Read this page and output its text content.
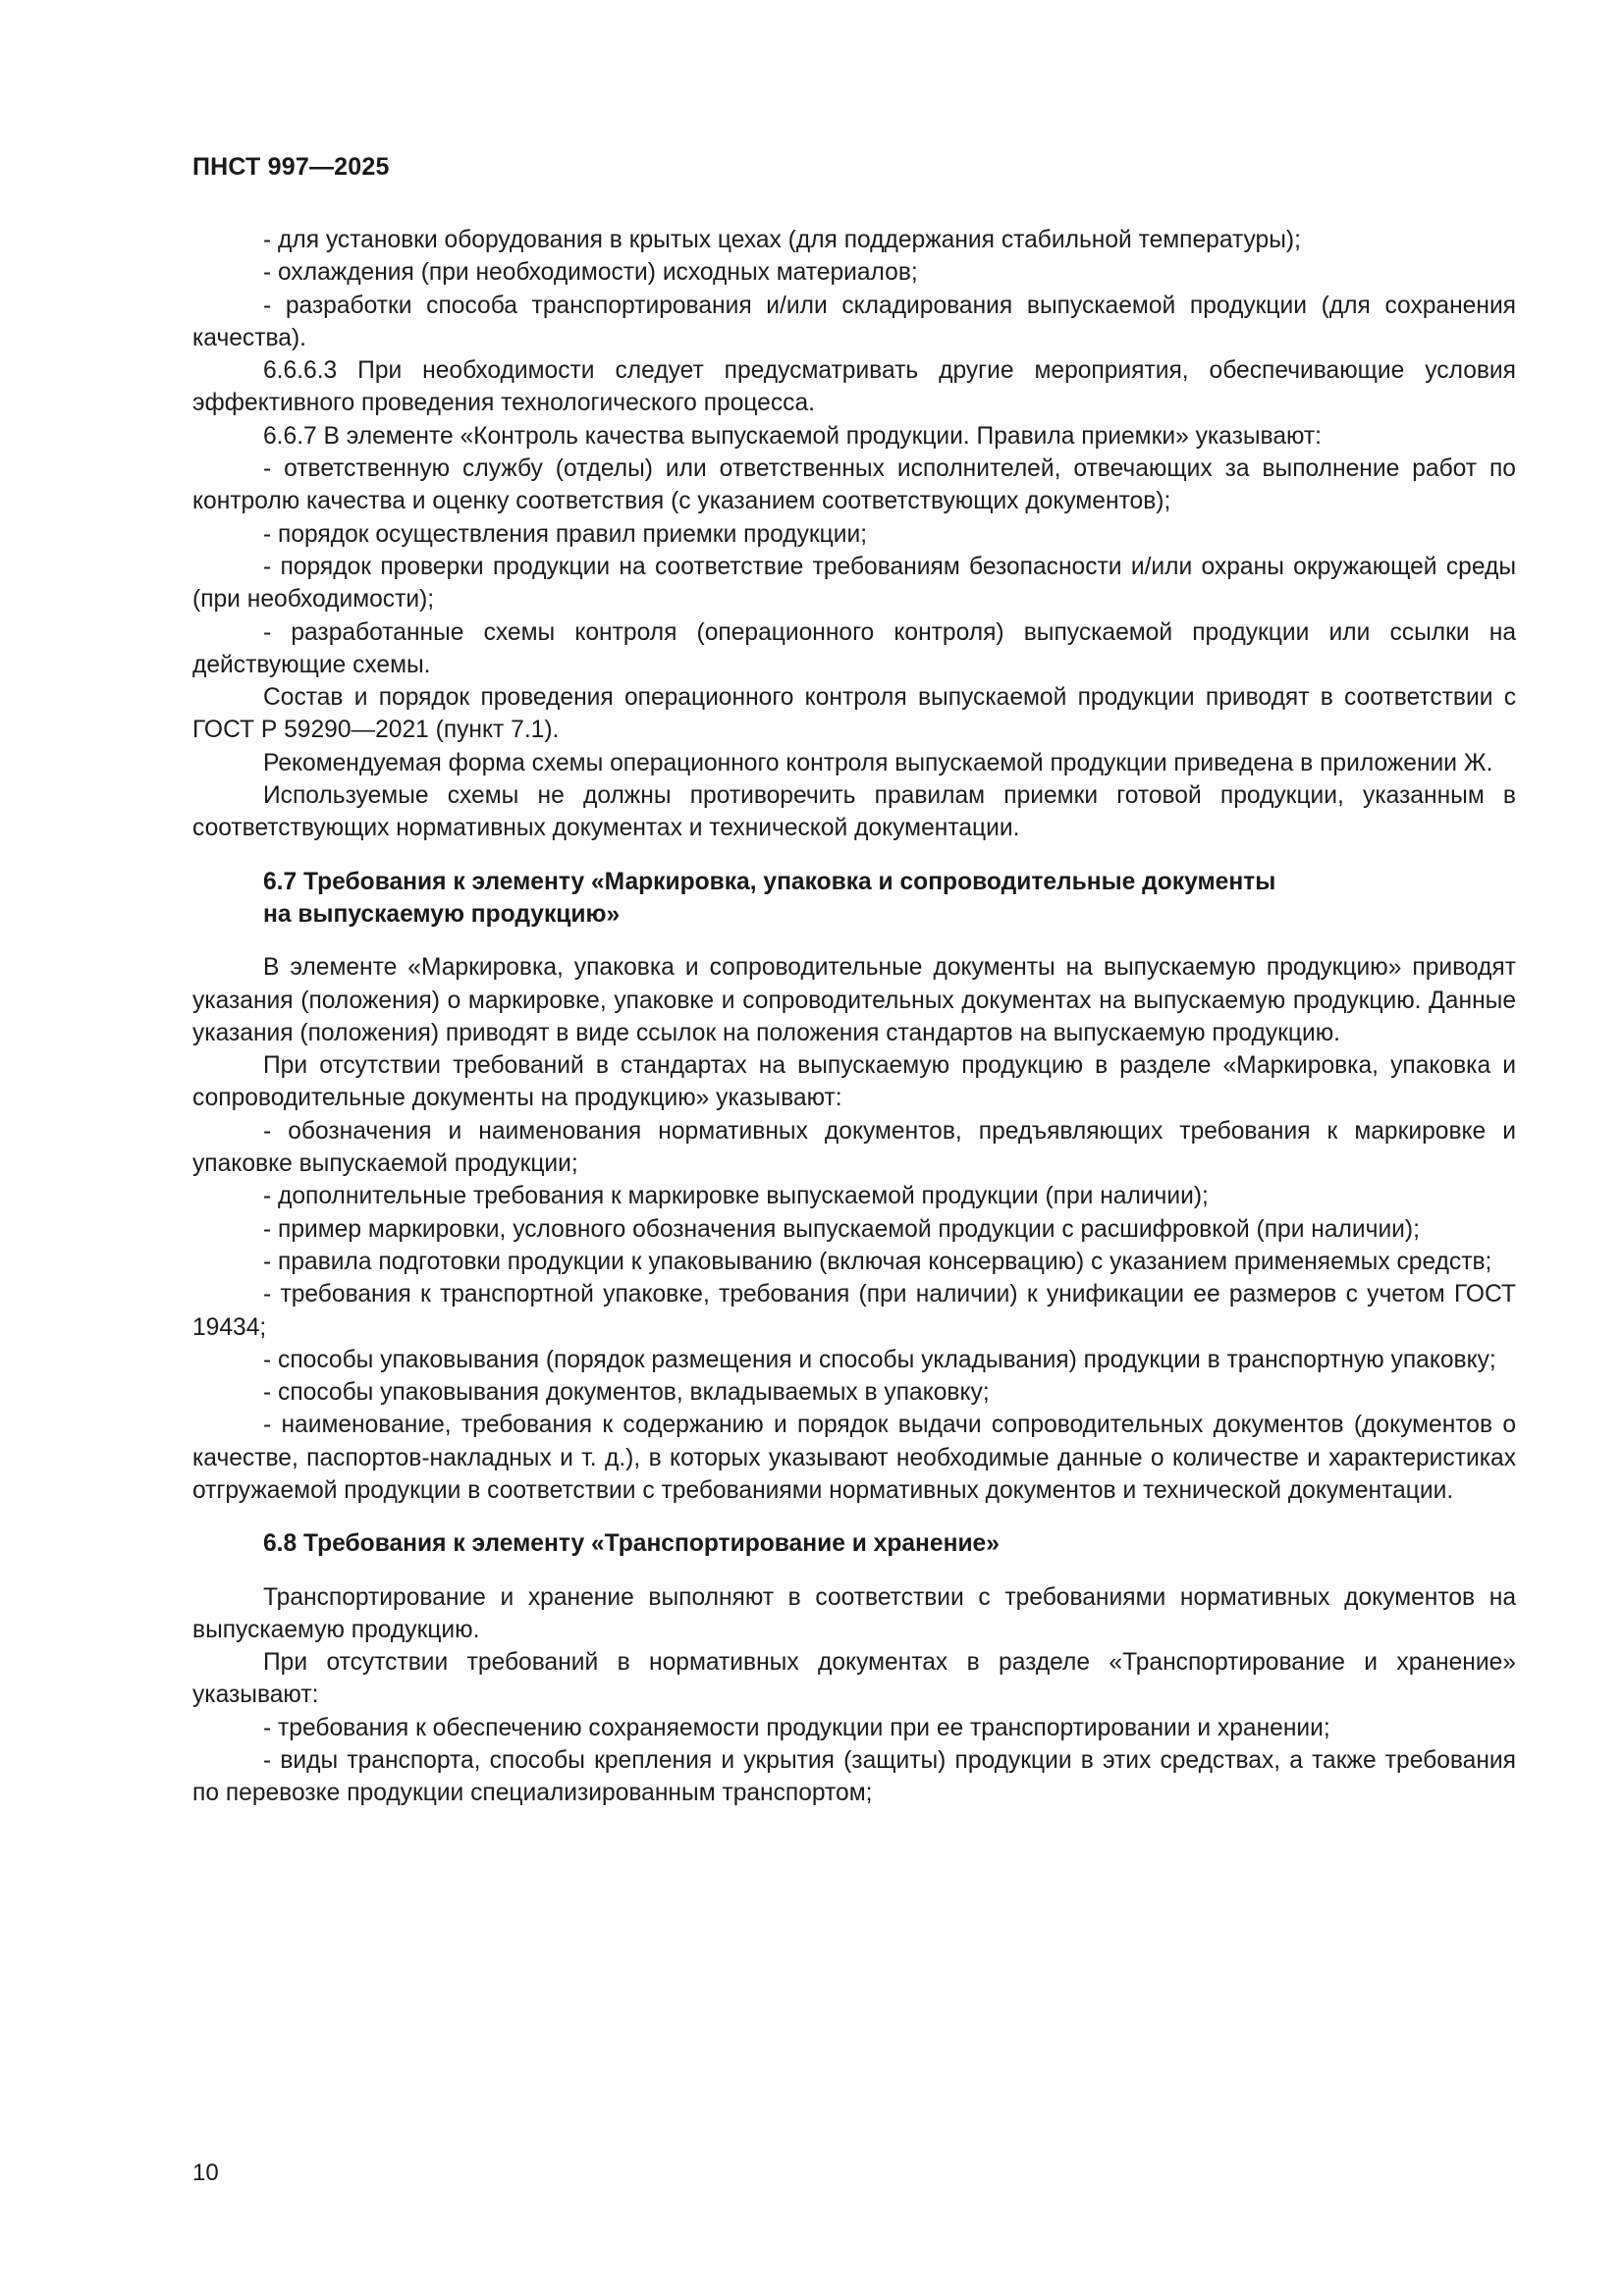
ПНСТ 997—2025

- для установки оборудования в крытых цехах (для поддержания стабильной температуры);

- охлаждения (при необходимости) исходных материалов;

- разработки способа транспортирования и/или складирования выпускаемой продукции (для сохранения качества).

6.6.6.3 При необходимости следует предусматривать другие мероприятия, обеспечивающие условия эффективного проведения технологического процесса.

6.6.7 В элементе «Контроль качества выпускаемой продукции. Правила приемки» указывают:

- ответственную службу (отделы) или ответственных исполнителей, отвечающих за выполнение работ по контролю качества и оценку соответствия (с указанием соответствующих документов);

- порядок осуществления правил приемки продукции;

- порядок проверки продукции на соответствие требованиям безопасности и/или охраны окружающей среды (при необходимости);

- разработанные схемы контроля (операционного контроля) выпускаемой продукции или ссылки на действующие схемы.

Состав и порядок проведения операционного контроля выпускаемой продукции приводят в соответствии с ГОСТ Р 59290—2021 (пункт 7.1).

Рекомендуемая форма схемы операционного контроля выпускаемой продукции приведена в приложении Ж.

Используемые схемы не должны противоречить правилам приемки готовой продукции, указанным в соответствующих нормативных документах и технической документации.

6.7 Требования к элементу «Маркировка, упаковка и сопроводительные документы
на выпускаемую продукцию»

В элементе «Маркировка, упаковка и сопроводительные документы на выпускаемую продукцию» приводят указания (положения) о маркировке, упаковке и сопроводительных документах на выпускаемую продукцию. Данные указания (положения) приводят в виде ссылок на положения стандартов на выпускаемую продукцию.

При отсутствии требований в стандартах на выпускаемую продукцию в разделе «Маркировка, упаковка и сопроводительные документы на продукцию» указывают:

- обозначения и наименования нормативных документов, предъявляющих требования к маркировке и упаковке выпускаемой продукции;

- дополнительные требования к маркировке выпускаемой продукции (при наличии);

- пример маркировки, условного обозначения выпускаемой продукции с расшифровкой (при наличии);

- правила подготовки продукции к упаковыванию (включая консервацию) с указанием применяемых средств;

- требования к транспортной упаковке, требования (при наличии) к унификации ее размеров с учетом ГОСТ 19434;

- способы упаковывания (порядок размещения и способы укладывания) продукции в транспортную упаковку;

- способы упаковывания документов, вкладываемых в упаковку;

- наименование, требования к содержанию и порядок выдачи сопроводительных документов (документов о качестве, паспортов-накладных и т. д.), в которых указывают необходимые данные о количестве и характеристиках отгружаемой продукции в соответствии с требованиями нормативных документов и технической документации.

6.8 Требования к элементу «Транспортирование и хранение»

Транспортирование и хранение выполняют в соответствии с требованиями нормативных документов на выпускаемую продукцию.

При отсутствии требований в нормативных документах в разделе «Транспортирование и хранение» указывают:

- требования к обеспечению сохраняемости продукции при ее транспортировании и хранении;

- виды транспорта, способы крепления и укрытия (защиты) продукции в этих средствах, а также требования по перевозке продукции специализированным транспортом;

10
